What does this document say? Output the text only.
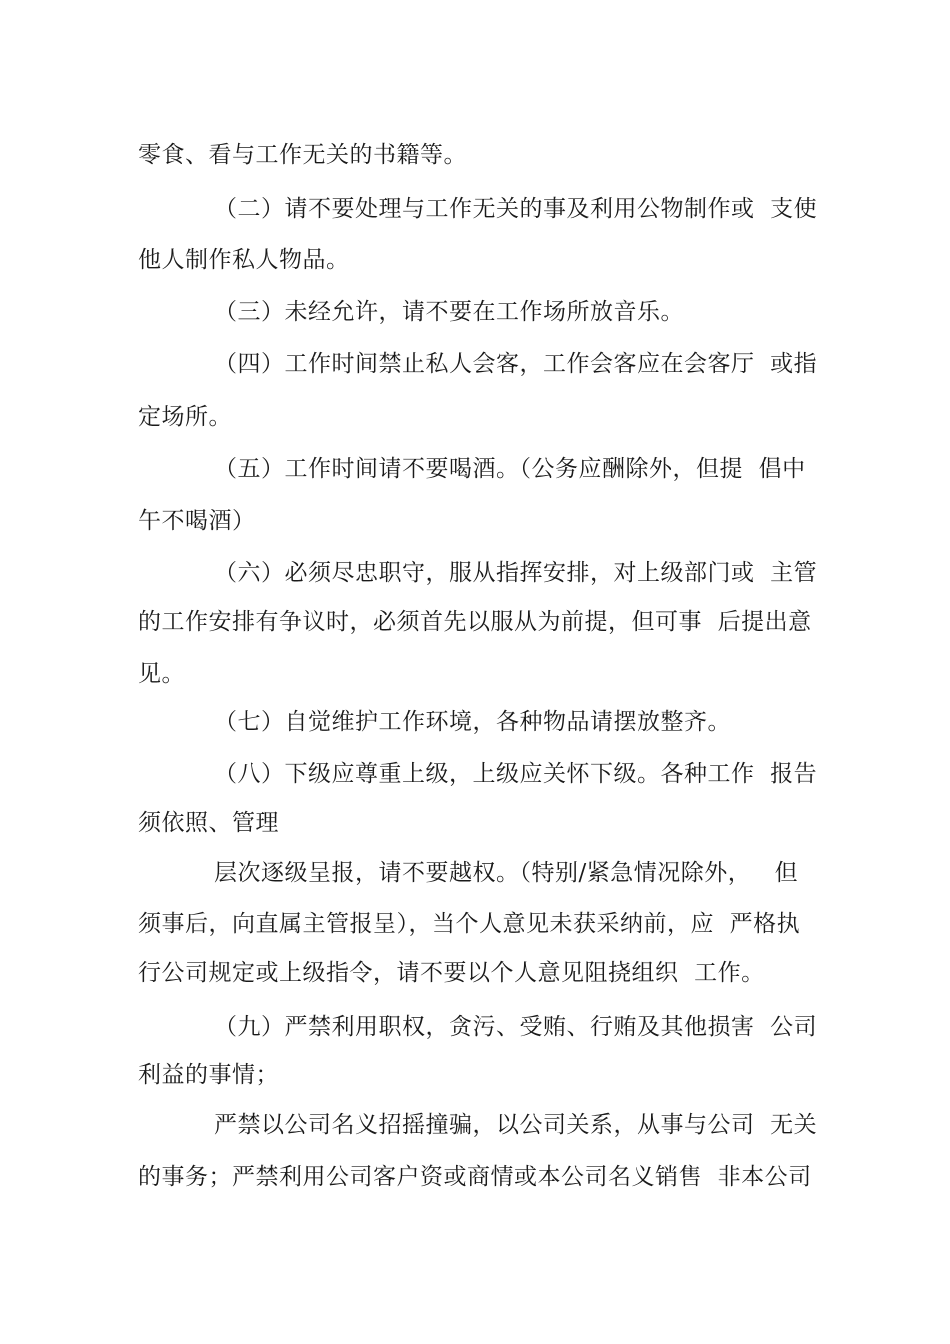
零食、看与工作无关的书籍等。
（二）请不要处理与工作无关的事及利用公物制作或  支使
他人制作私人物品。
（三）未经允许，请不要在工作场所放音乐。
（四）工作时间禁止私人会客，工作会客应在会客厅  或指
定场所。
（五）工作时间请不要喝酒。（公务应酬除外，但提  倡中
午不喝酒）
（六）必须尽忠职守，服从指挥安排，对上级部门或  主管
的工作安排有争议时，必须首先以服从为前提，但可事  后提出意
见。
（七）自觉维护工作环境，各种物品请摆放整齐。
（八）下级应尊重上级，上级应关怀下级。各种工作  报告
须依照、管理
层次逐级呈报，请不要越权。（特别/紧急情况除外，   但
须事后，向直属主管报呈），当个人意见未获采纳前，应  严格执
行公司规定或上级指令，请不要以个人意见阻挠组织  工作。
（九）严禁利用职权，贪污、受贿、行贿及其他损害  公司
利益的事情；
严禁以公司名义招摇撞骗，以公司关系，从事与公司  无关
的事务；严禁利用公司客户资或商情或本公司名义销售  非本公司
